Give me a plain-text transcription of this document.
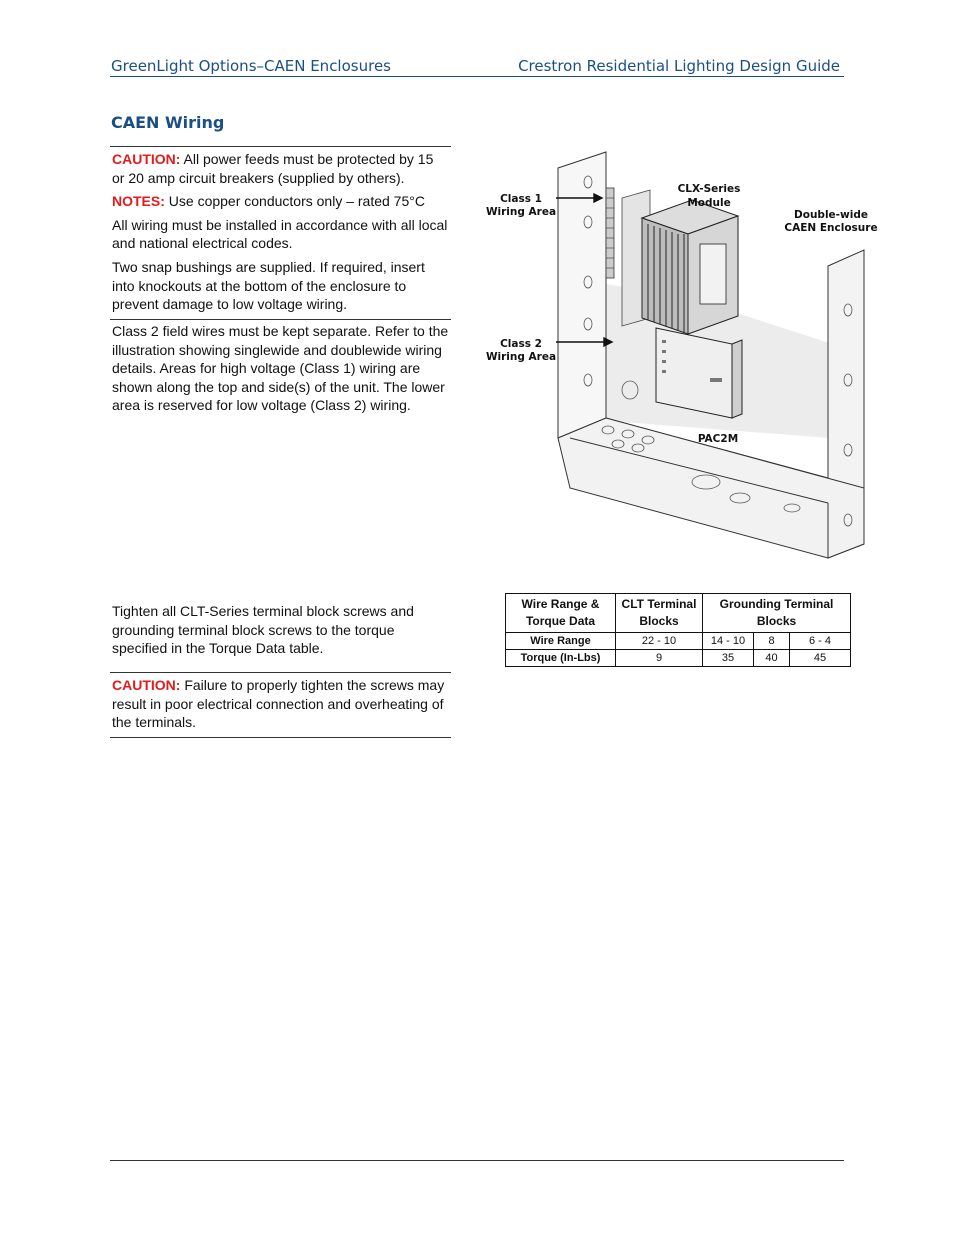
GreenLight Options–CAEN Enclosures	Crestron Residential Lighting Design Guide
CAEN Wiring

CAUTION: All power feeds must be protected by 15 or 20 amp circuit breakers (supplied by others).

NOTES: Use copper conductors only – rated 75°C

All wiring must be installed in accordance with all local and national electrical codes.

Two snap bushings are supplied. If required, insert into knockouts at the bottom of the enclosure to prevent damage to low voltage wiring.

Class 2 field wires must be kept separate. Refer to the illustration showing singlewide and doublewide wiring details. Areas for high voltage (Class 1) wiring are shown along the top and side(s) of the unit. The lower area is reserved for low voltage (Class 2) wiring.

Class 1
Wiring Area
CLX-Series
Module
Double-wide
CAEN Enclosure
Class 2
Wiring Area
PAC2M

Tighten all CLT-Series terminal block screws and grounding terminal block screws to the torque specified in the Torque Data table.

CAUTION: Failure to properly tighten the screws may result in poor electrical connection and overheating of the terminals.

Wire Range & Torque Data	CLT Terminal Blocks	Grounding Terminal Blocks		
Wire Range	22 - 10	14 - 10	8	6 - 4
Torque (In-Lbs)	9	35	40	45
